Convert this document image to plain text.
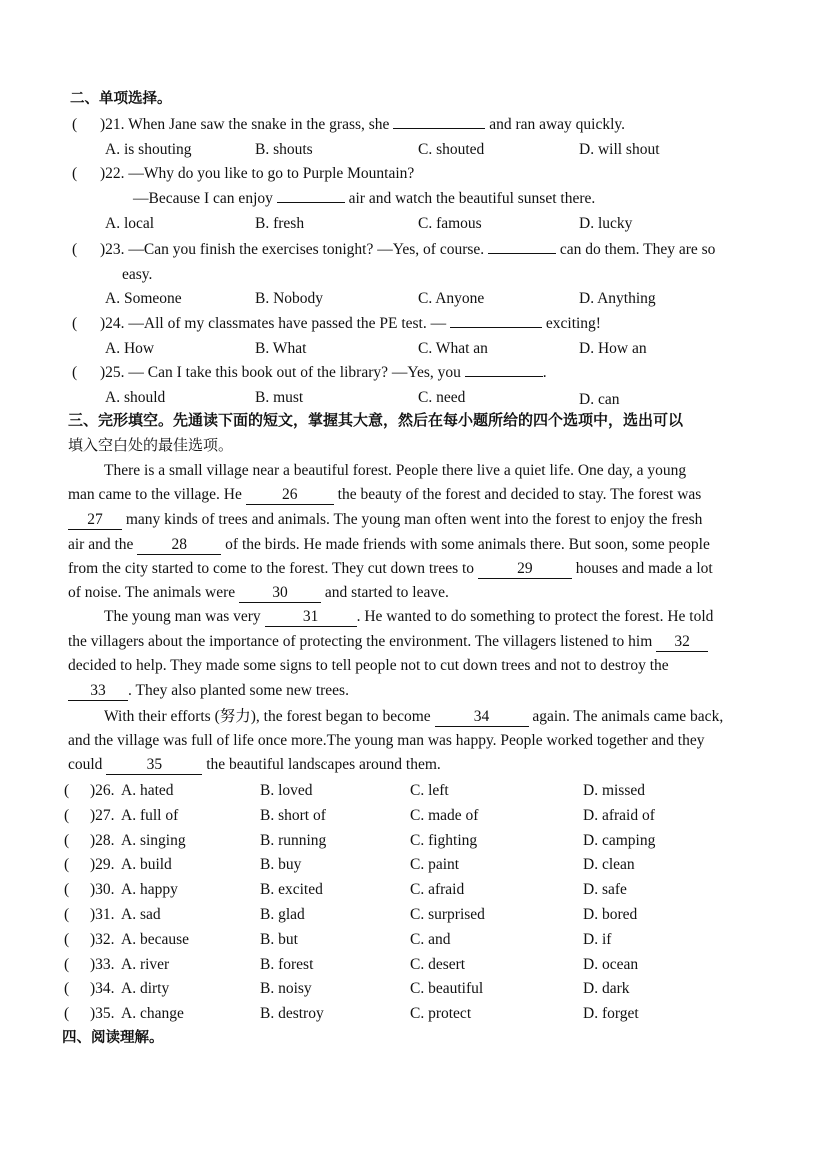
二、单项选择。
( )21. When Jane saw the snake in the grass, she	and ran away quickly.
A. is shouting	B. shouts	C. shouted	D. will shout
( )22. —Why do you like to go to Purple Mountain?
—Because I can enjoy	air and watch the beautiful sunset there.
A. local	B. fresh	C. famous	D. lucky
( )23. —Can you finish the exercises tonight? —Yes, of course.	can do them. They are so
easy.
A. Someone	B. Nobody	C. Anyone	D. Anything
( )24. —All of my classmates have passed the PE test. —	exciting!
A. How	B. What	C. What an	D. How an
( )25. — Can I take this book out of the library? —Yes, you	.
A. should	B. must	C. need	D. can
三、完形填空。先通读下面的短文，掌握其大意，然后在每小题所给的四个选项中，选出可以
填入空白处的最佳选项。
There is a small village near a beautiful forest. People there live a quiet life. One day, a young
man came to the village. He	26	the beauty of the forest and decided to stay. The forest was
27 many kinds of trees and animals. The young man often went into the forest to enjoy the fresh
air and the 28 of the birds. He made friends with some animals there. But soon, some people
from the city started to come to the forest. They cut down trees to	29	houses and made a lot
of noise. The animals were 30 and started to leave.
The young man was very	31 . He wanted to do something to protect the forest. He told
the villagers about the importance of protecting the environment. The villagers listened to him 32
decided to help. They made some signs to tell people not to cut down trees and not to destroy the
33 . They also planted some new trees.
With their efforts (努力), the forest began to become	34	again. The animals came back,
and the village was full of life once more.The young man was happy. People worked together and they
could	35	the beautiful landscapes around them.
( )26. A. hated	B. loved	C. left	D. missed
( )27. A. full of	B. short of	C. made of	D. afraid of
( )28. A. singing	B. running	C. fighting	D. camping
( )29. A. build	B. buy	C. paint	D. clean
( )30. A. happy	B. excited	C. afraid	D. safe
( )31. A. sad	B. glad	C. surprised	D. bored
( )32. A. because	B. but	C. and	D. if
( )33. A. river	B. forest	C. desert	D. ocean
( )34. A. dirty	B. noisy	C. beautiful	D. dark
( )35. A. change	B. destroy	C. protect	D. forget
四、阅读理解。
